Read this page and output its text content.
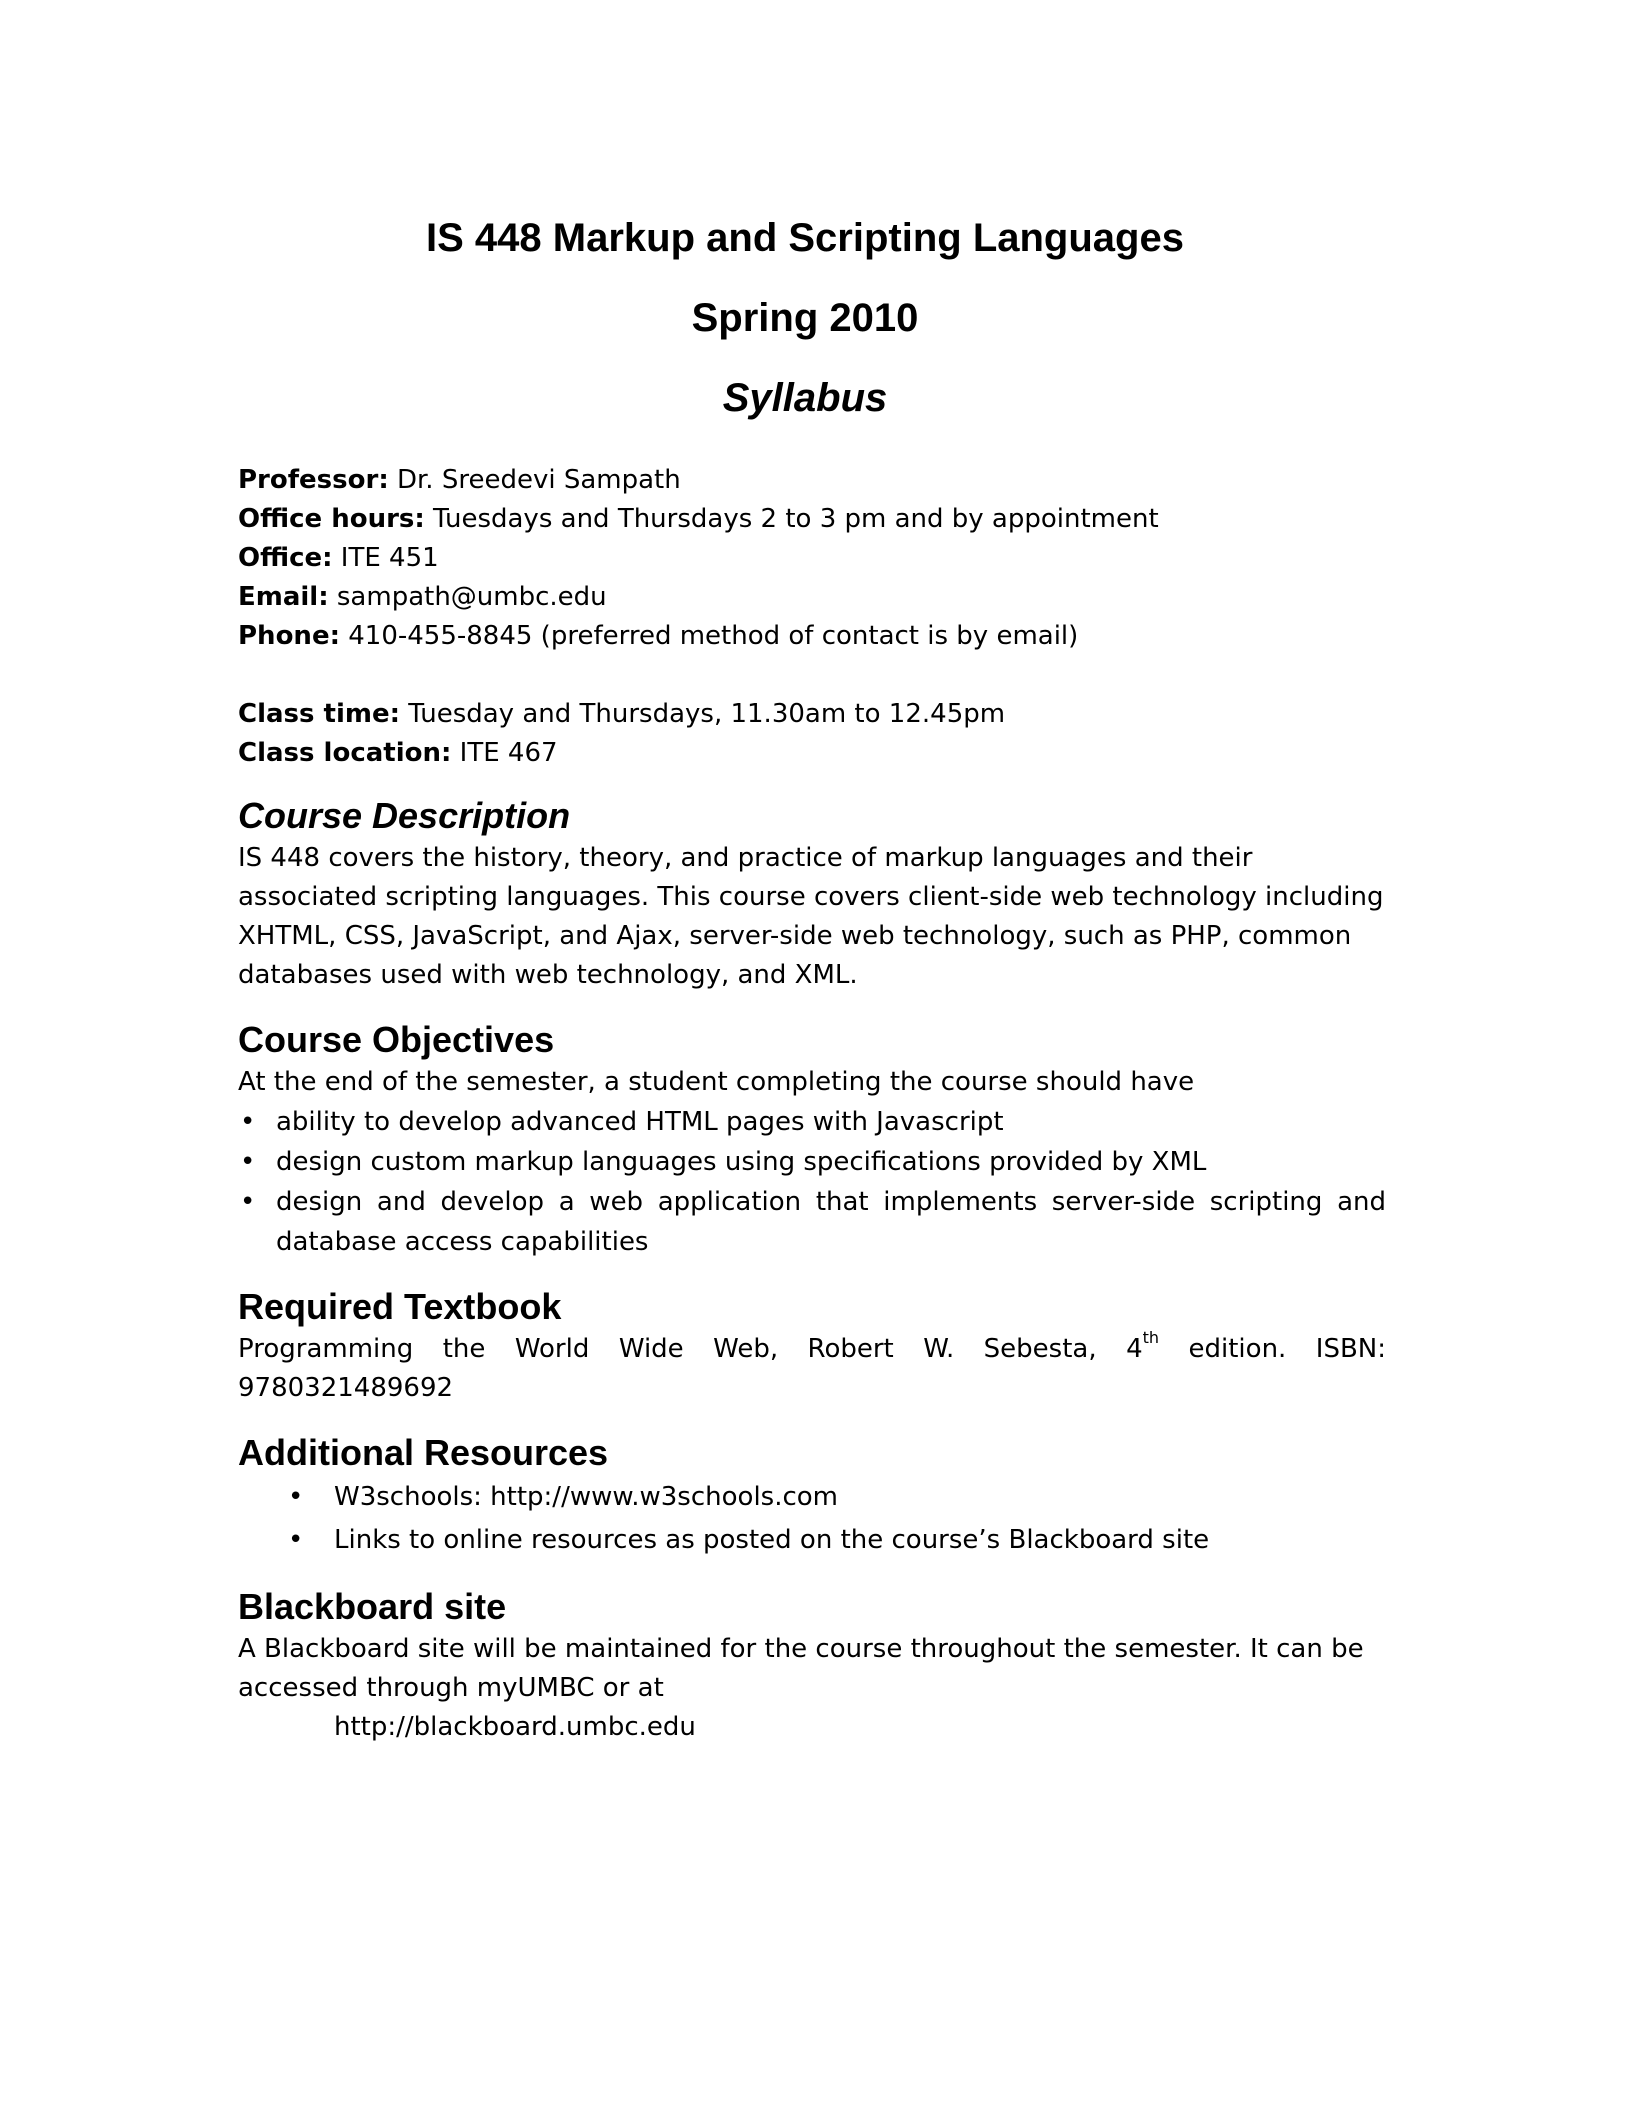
IS 448 Markup and Scripting Languages
Spring 2010
Syllabus

Professor: Dr. Sreedevi Sampath

Office hours: Tuesdays and Thursdays 2 to 3 pm and by appointment

Office: ITE 451

Email: sampath@umbc.edu

Phone: 410-455-8845 (preferred method of contact is by email)

Class time: Tuesday and Thursdays, 11.30am to 12.45pm

Class location: ITE 467

Course Description

IS 448 covers the history, theory, and practice of markup languages and their associated scripting languages. This course covers client-side web technology including XHTML, CSS, JavaScript, and Ajax, server-side web technology, such as PHP, common databases used with web technology, and XML.

Course Objectives

At the end of the semester, a student completing the course should have

• ability to develop advanced HTML pages with Javascript
• design custom markup languages using specifications provided by XML
• design and develop a web application that implements server-side scripting and database access capabilities
Required Textbook

Programming the World Wide Web, Robert W. Sebesta, 4th edition. ISBN: 9780321489692

Additional Resources
• W3schools: http://www.w3schools.com
• Links to online resources as posted on the course’s Blackboard site
Blackboard site

A Blackboard site will be maintained for the course throughout the semester. It can be accessed through myUMBC or at

http://blackboard.umbc.edu
